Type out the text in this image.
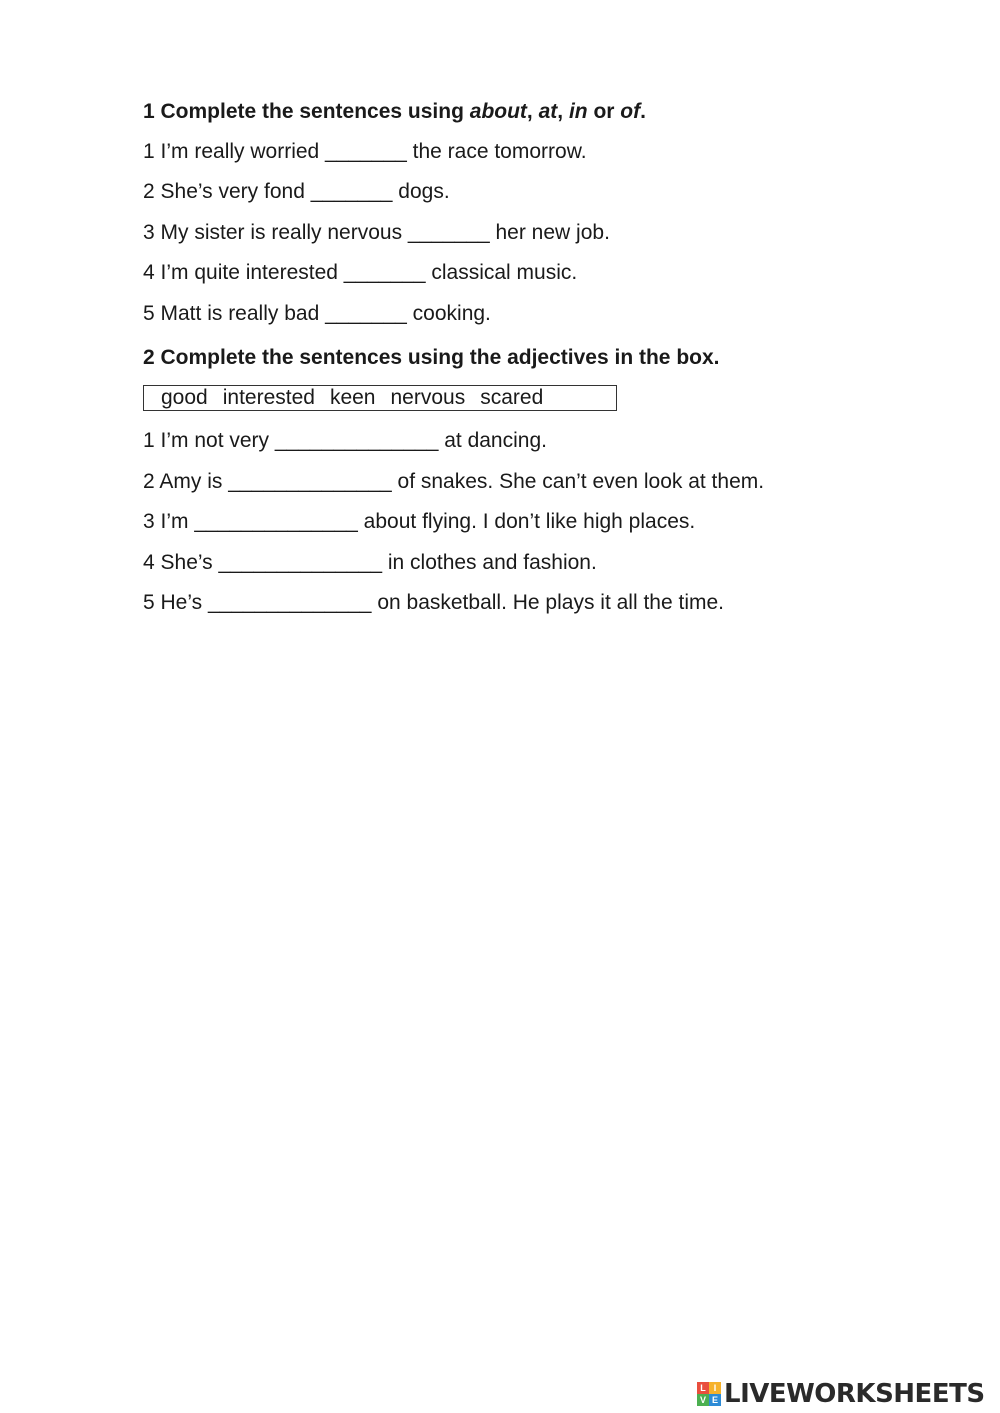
1 Complete the sentences using about, at, in or of.
1 I’m really worried _______ the race tomorrow.
2 She’s very fond _______ dogs.
3 My sister is really nervous _______ her new job.
4 I’m quite interested _______ classical music.
5 Matt is really bad _______ cooking.
2 Complete the sentences using the adjectives in the box.
good interested keen nervous scared
1 I’m not very ______________ at dancing.
2 Amy is ______________ of snakes. She can’t even look at them.
3 I’m ______________ about flying. I don’t like high places.
4 She’s ______________ in clothes and fashion.
5 He’s ______________ on basketball. He plays it all the time.
L I
V E LIVEWORKSHEETS
